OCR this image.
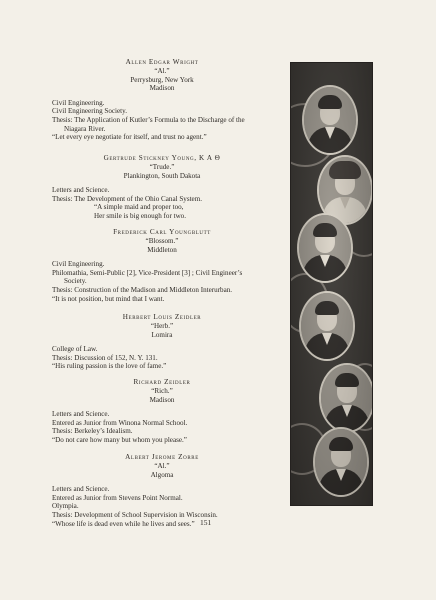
Allen Edgar Wright
“Al.”
Perrysburg, New York
Madison
Civil Engineering.
Civil Engineering Society.
Thesis: The Application of Kutler’s Formula to the Discharge of the
Niagara River.
“Let every eye negotiate for itself, and trust no agent.”
Gertrude Stickney Young, K A Θ
“Trude.”
Plankington, South Dakota
Letters and Science.
Thesis: The Development of the Ohio Canal System.
“A simple maid and proper too,
Her smile is big enough for two.
Frederick Carl Youngblutt
“Blossom.”
Middleton
Civil Engineering.
Philomathia, Semi-Public [2], Vice-President [3] ; Civil Engineer’s
Society.
Thesis: Construction of the Madison and Middleton Interurban.
“It is not position, but mind that I want.
Herbert Louis Zeidler
“Herb.”
Lomira
College of Law.
Thesis: Discussion of 152, N. Y. 131.
“His ruling passion is the love of fame.”
Richard Zeidler
“Rich.”
Madison
Letters and Science.
Entered as Junior from Winona Normal School.
Thesis: Berkeley’s Idealism.
“Do not care how many but whom you please.”
Albert Jerome Zorre
“Al.”
Algoma
Letters and Science.
Entered as Junior from Stevens Point Normal.
Olympia.
Thesis: Development of School Supervision in Wisconsin.
“Whose life is dead even while he lives and sees.” 151
